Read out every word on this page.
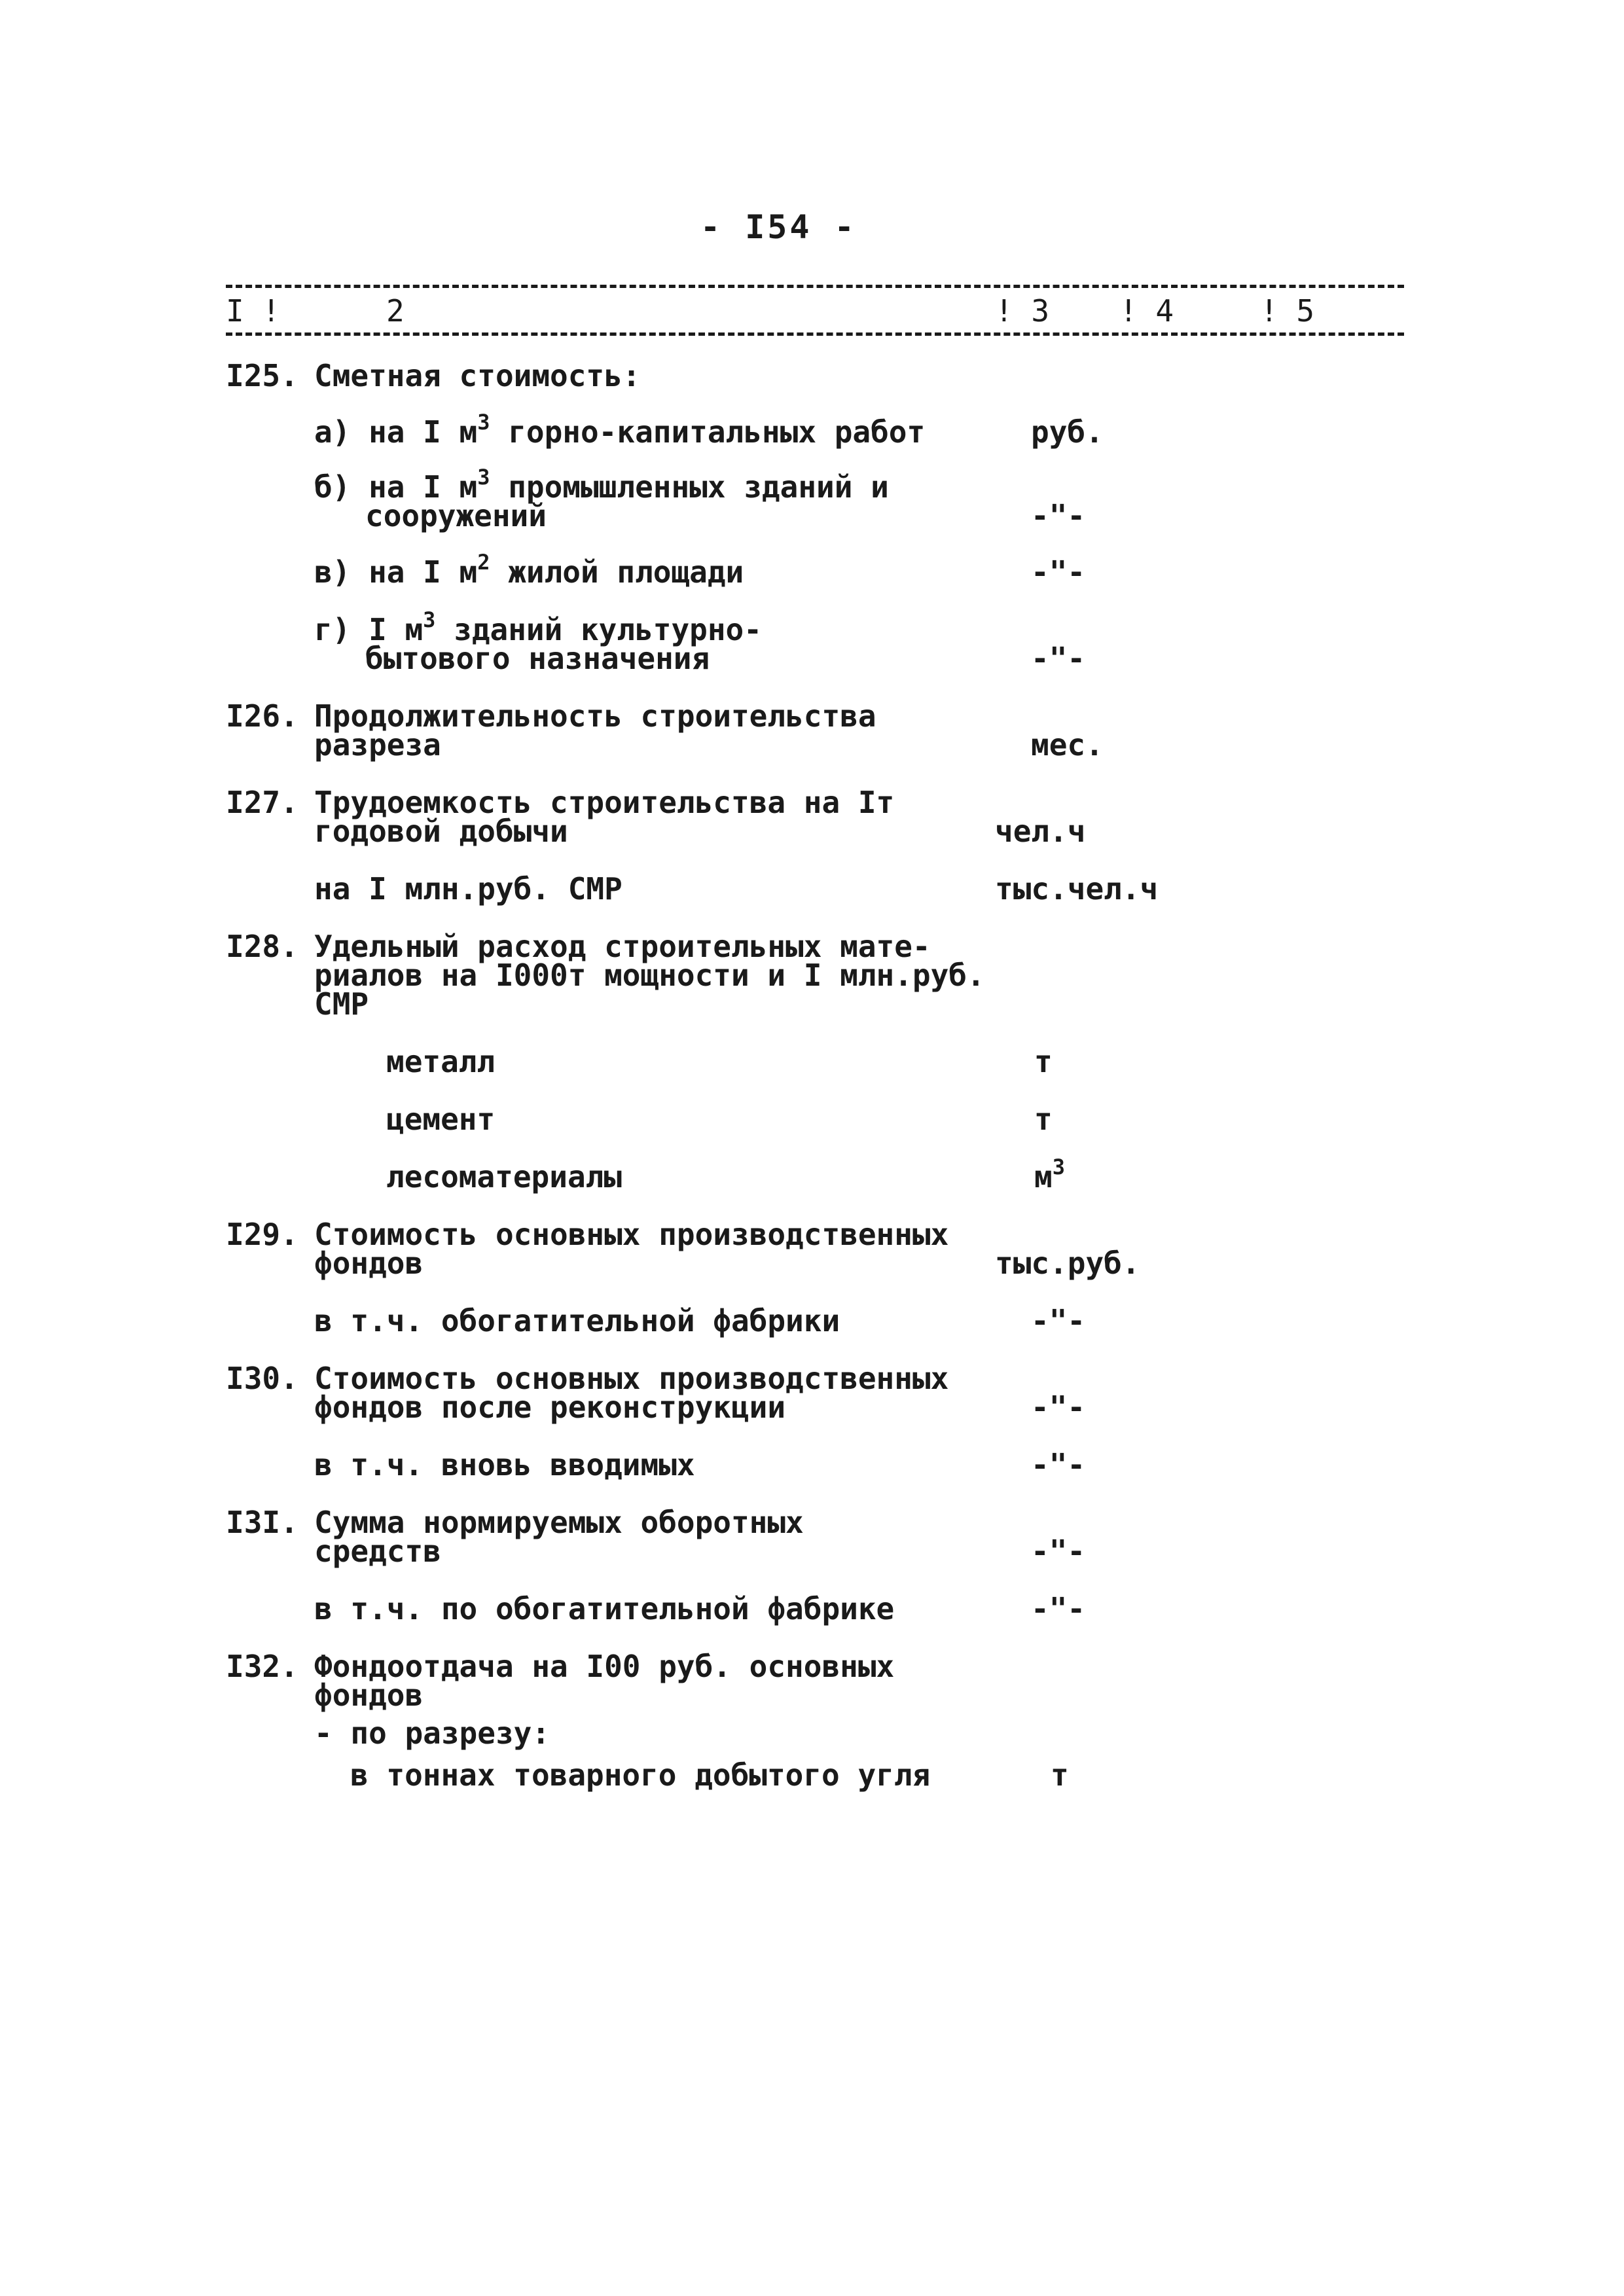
- I54 -
I !	2	! 3 ! 4	! 5
I25. Сметная стоимость:
а) на I $м^3$ горно-капитальных работ	руб.
б) на I $м^3$ промышленных зданий и
сооружений	-"-
в) на I $м^2$ жилой площади	-"-
г) I $м^3$ зданий культурно-
бытового назначения	-"-
I26. Продолжительность строительства
разреза	мес.
I27. Трудоемкость строительства на Iт
годовой добычи	чел.ч
на I млн.руб. СМР	тыс.чел.ч
I28. Удельный расход строительных мате-
риалов на I000т мощности и I млн.руб.
СМР
металл	т
цемент	т
лесоматериалы	$м^3$
I29. Стоимость основных производственных
фондов	тыс.руб.
в т.ч. обогатительной фабрики	-"-
I30. Стоимость основных производственных
фондов после реконструкции	-"-
в т.ч. вновь вводимых	-"-
I3I. Сумма нормируемых оборотных
средств	-"-
в т.ч. по обогатительной фабрике	-"-
I32. Фондоотдача на I00 руб. основных
фондов
- по разрезу:
в тоннах товарного добытого угля	т
